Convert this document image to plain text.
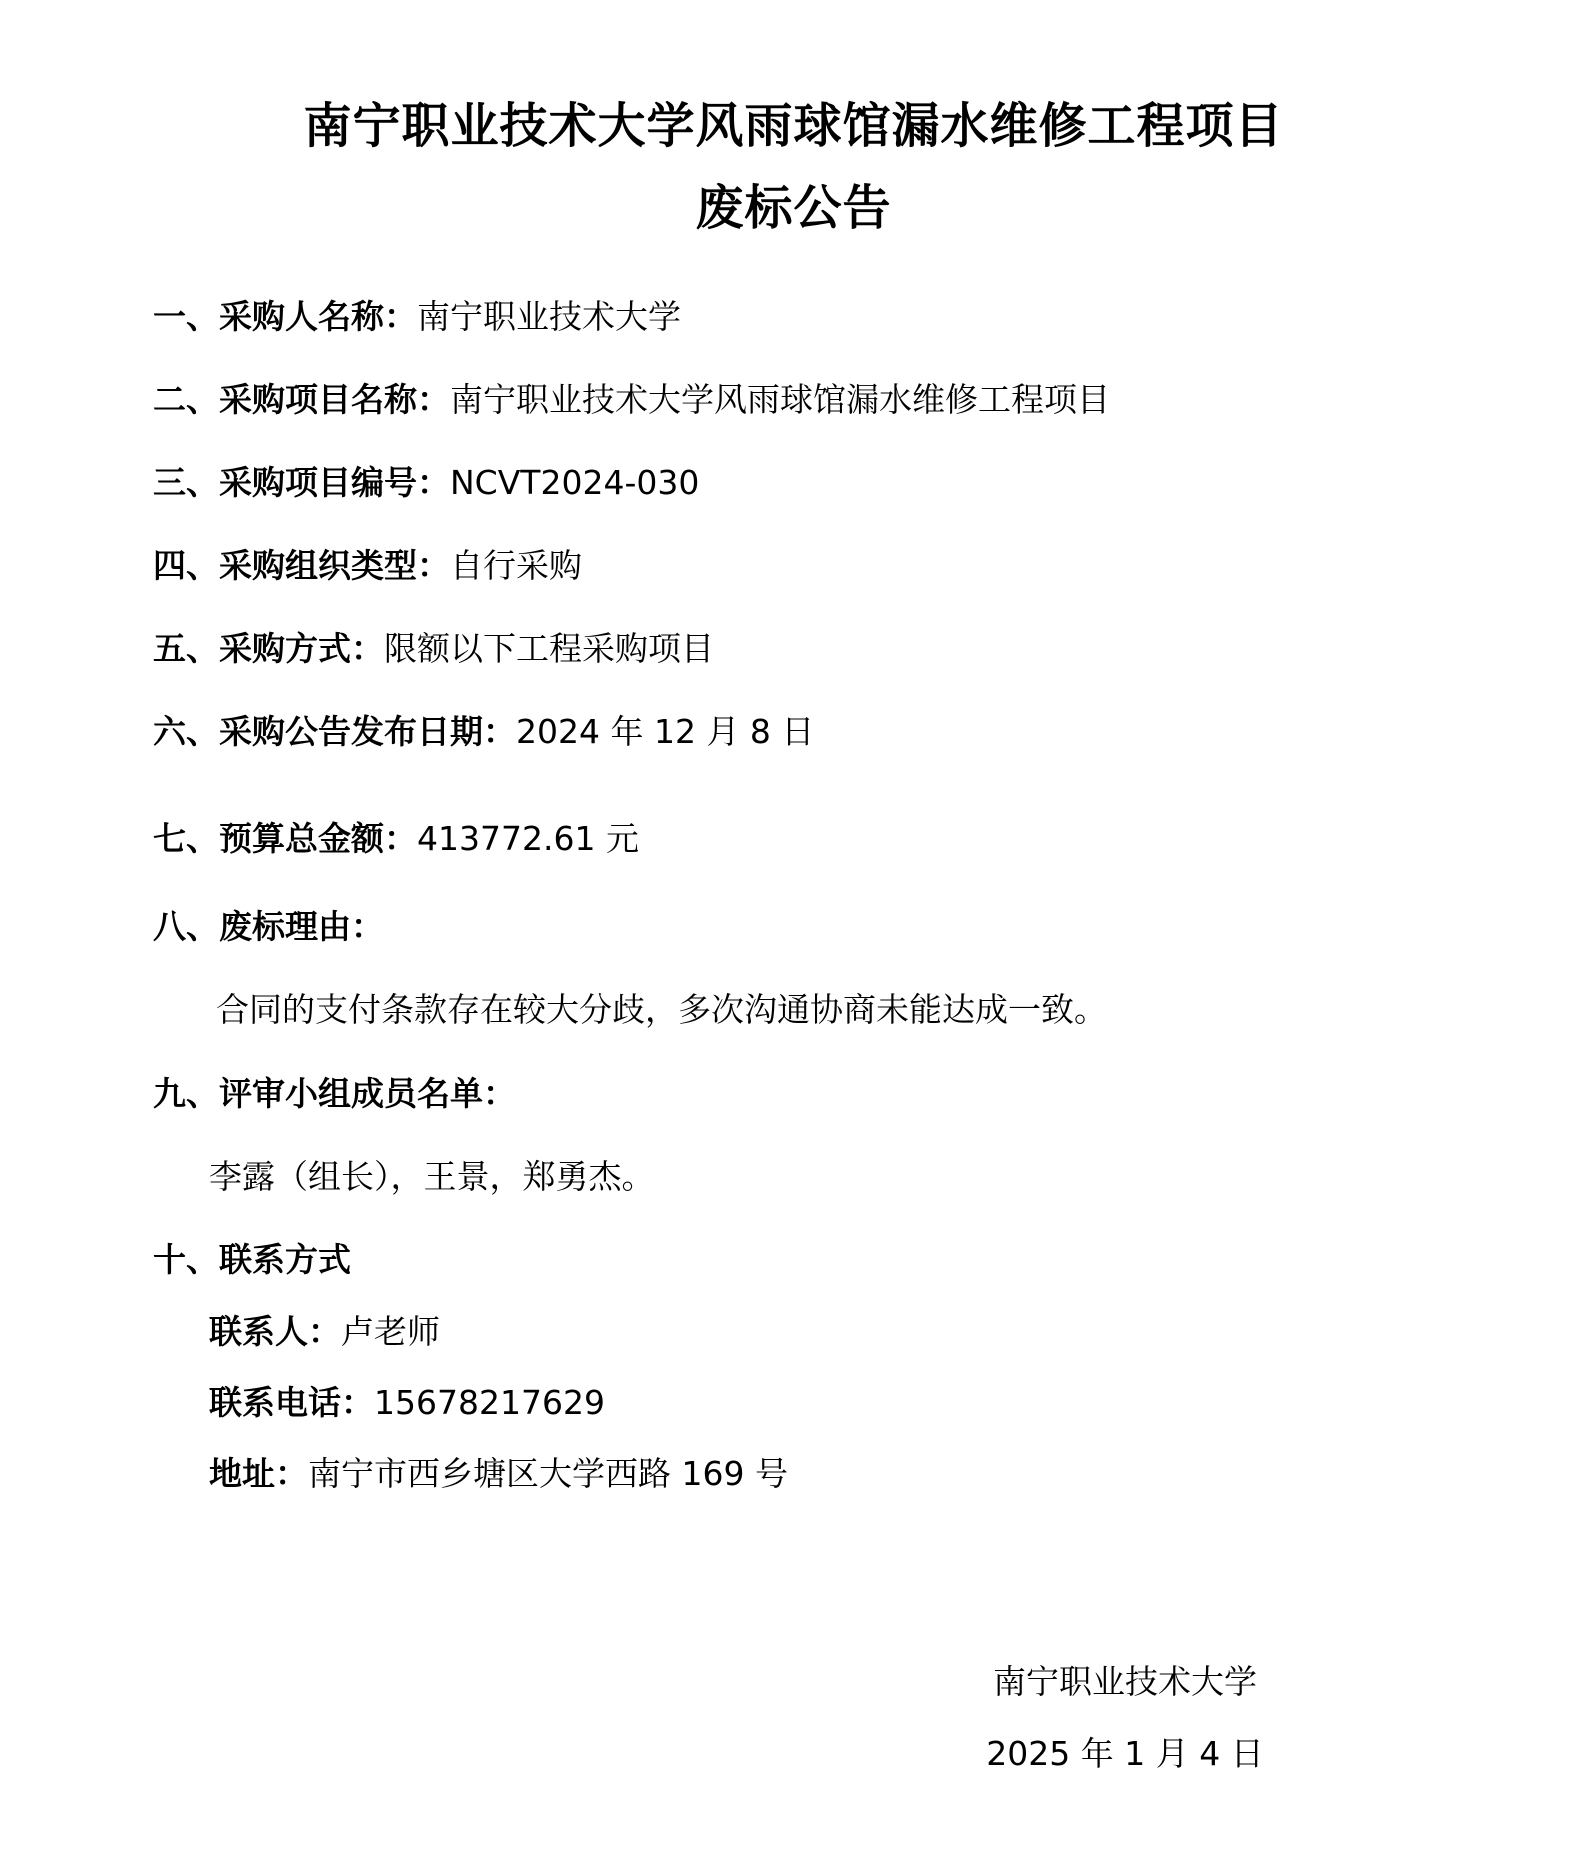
南宁职业技术大学风雨球馆漏水维修工程项目
废标公告
一、采购人名称：南宁职业技术大学
二、采购项目名称：南宁职业技术大学风雨球馆漏水维修工程项目
三、采购项目编号：NCVT2024-030
四、采购组织类型：自行采购
五、采购方式：限额以下工程采购项目
六、采购公告发布日期：2024 年 12 月 8 日
七、预算总金额：413772.61 元
八、废标理由：
合同的支付条款存在较大分歧，多次沟通协商未能达成一致。
九、评审小组成员名单：
李露（组长），王景，郑勇杰。
十、联系方式
联系人：卢老师
联系电话：15678217629
地址：南宁市西乡塘区大学西路 169 号
南宁职业技术大学
2025 年 1 月 4 日
